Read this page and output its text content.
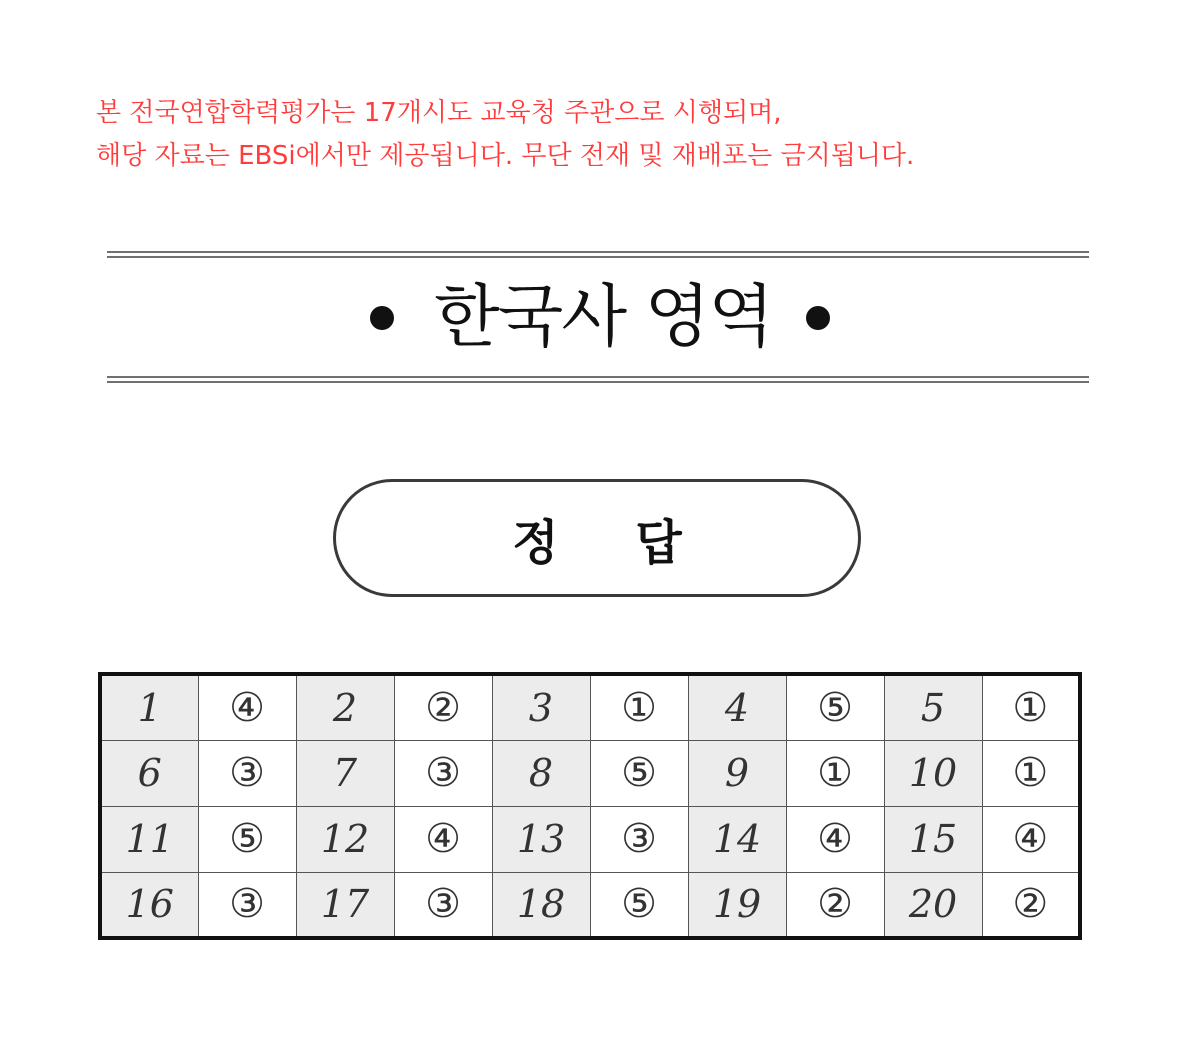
본 전국연합학력평가는 17개시도 교육청 주관으로 시행되며,
해당 자료는 EBSi에서만 제공됩니다. 무단 전재 및 재배포는 금지됩니다.
한국사 영역
정 답
1	④	2	②	3	①	4	⑤	5	①
6	③	7	③	8	⑤	9	①	10	①
11	⑤	12	④	13	③	14	④	15	④
16	③	17	③	18	⑤	19	②	20	②
